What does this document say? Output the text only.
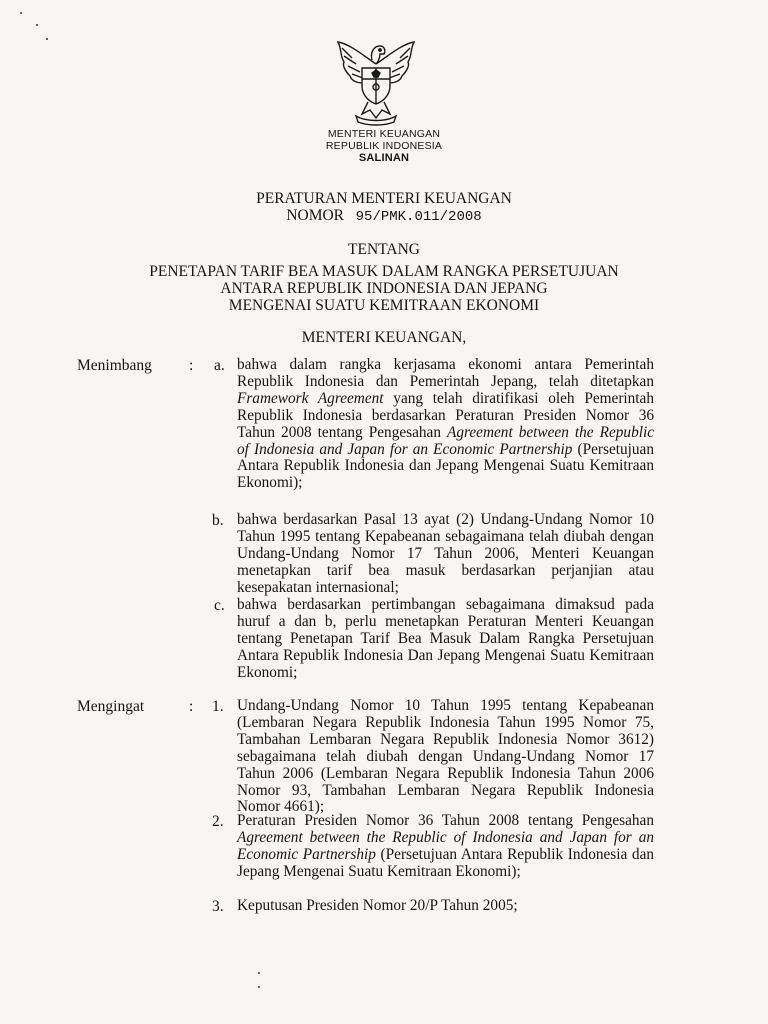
MENTERI KEUANGAN
REPUBLIK INDONESIA
SALINAN
PERATURAN MENTERI KEUANGAN
NOMOR 95/PMK.011/2008
TENTANG
PENETAPAN TARIF BEA MASUK DALAM RANGKA PERSETUJUAN
ANTARA REPUBLIK INDONESIA DAN JEPANG
MENGENAI SUATU KEMITRAAN EKONOMI
MENTERI KEUANGAN,
Menimbang : a. bahwa dalam rangka kerjasama ekonomi antara Pemerintah Republik Indonesia dan Pemerintah Jepang, telah ditetapkan Framework Agreement yang telah diratifikasi oleh Pemerintah Republik Indonesia berdasarkan Peraturan Presiden Nomor 36 Tahun 2008 tentang Pengesahan Agreement between the Republic of Indonesia and Japan for an Economic Partnership (Persetujuan Antara Republik Indonesia dan Jepang Mengenai Suatu Kemitraan Ekonomi);
b. bahwa berdasarkan Pasal 13 ayat (2) Undang-Undang Nomor 10 Tahun 1995 tentang Kepabeanan sebagaimana telah diubah dengan Undang-Undang Nomor 17 Tahun 2006, Menteri Keuangan menetapkan tarif bea masuk berdasarkan perjanjian atau kesepakatan internasional;
c. bahwa berdasarkan pertimbangan sebagaimana dimaksud pada huruf a dan b, perlu menetapkan Peraturan Menteri Keuangan tentang Penetapan Tarif Bea Masuk Dalam Rangka Persetujuan Antara Republik Indonesia Dan Jepang Mengenai Suatu Kemitraan Ekonomi;
Mengingat	: 1. Undang-Undang Nomor 10 Tahun 1995 tentang Kepabeanan (Lembaran Negara Republik Indonesia Tahun 1995 Nomor 75, Tambahan Lembaran Negara Republik Indonesia Nomor 3612) sebagaimana telah diubah dengan Undang-Undang Nomor 17 Tahun 2006 (Lembaran Negara Republik Indonesia Tahun 2006 Nomor 93, Tambahan Lembaran Negara Republik Indonesia Nomor 4661);
2. Peraturan Presiden Nomor 36 Tahun 2008 tentang Pengesahan Agreement between the Republic of Indonesia and Japan for an Economic Partnership (Persetujuan Antara Republik Indonesia dan Jepang Mengenai Suatu Kemitraan Ekonomi);
3. Keputusan Presiden Nomor 20/P Tahun 2005;
